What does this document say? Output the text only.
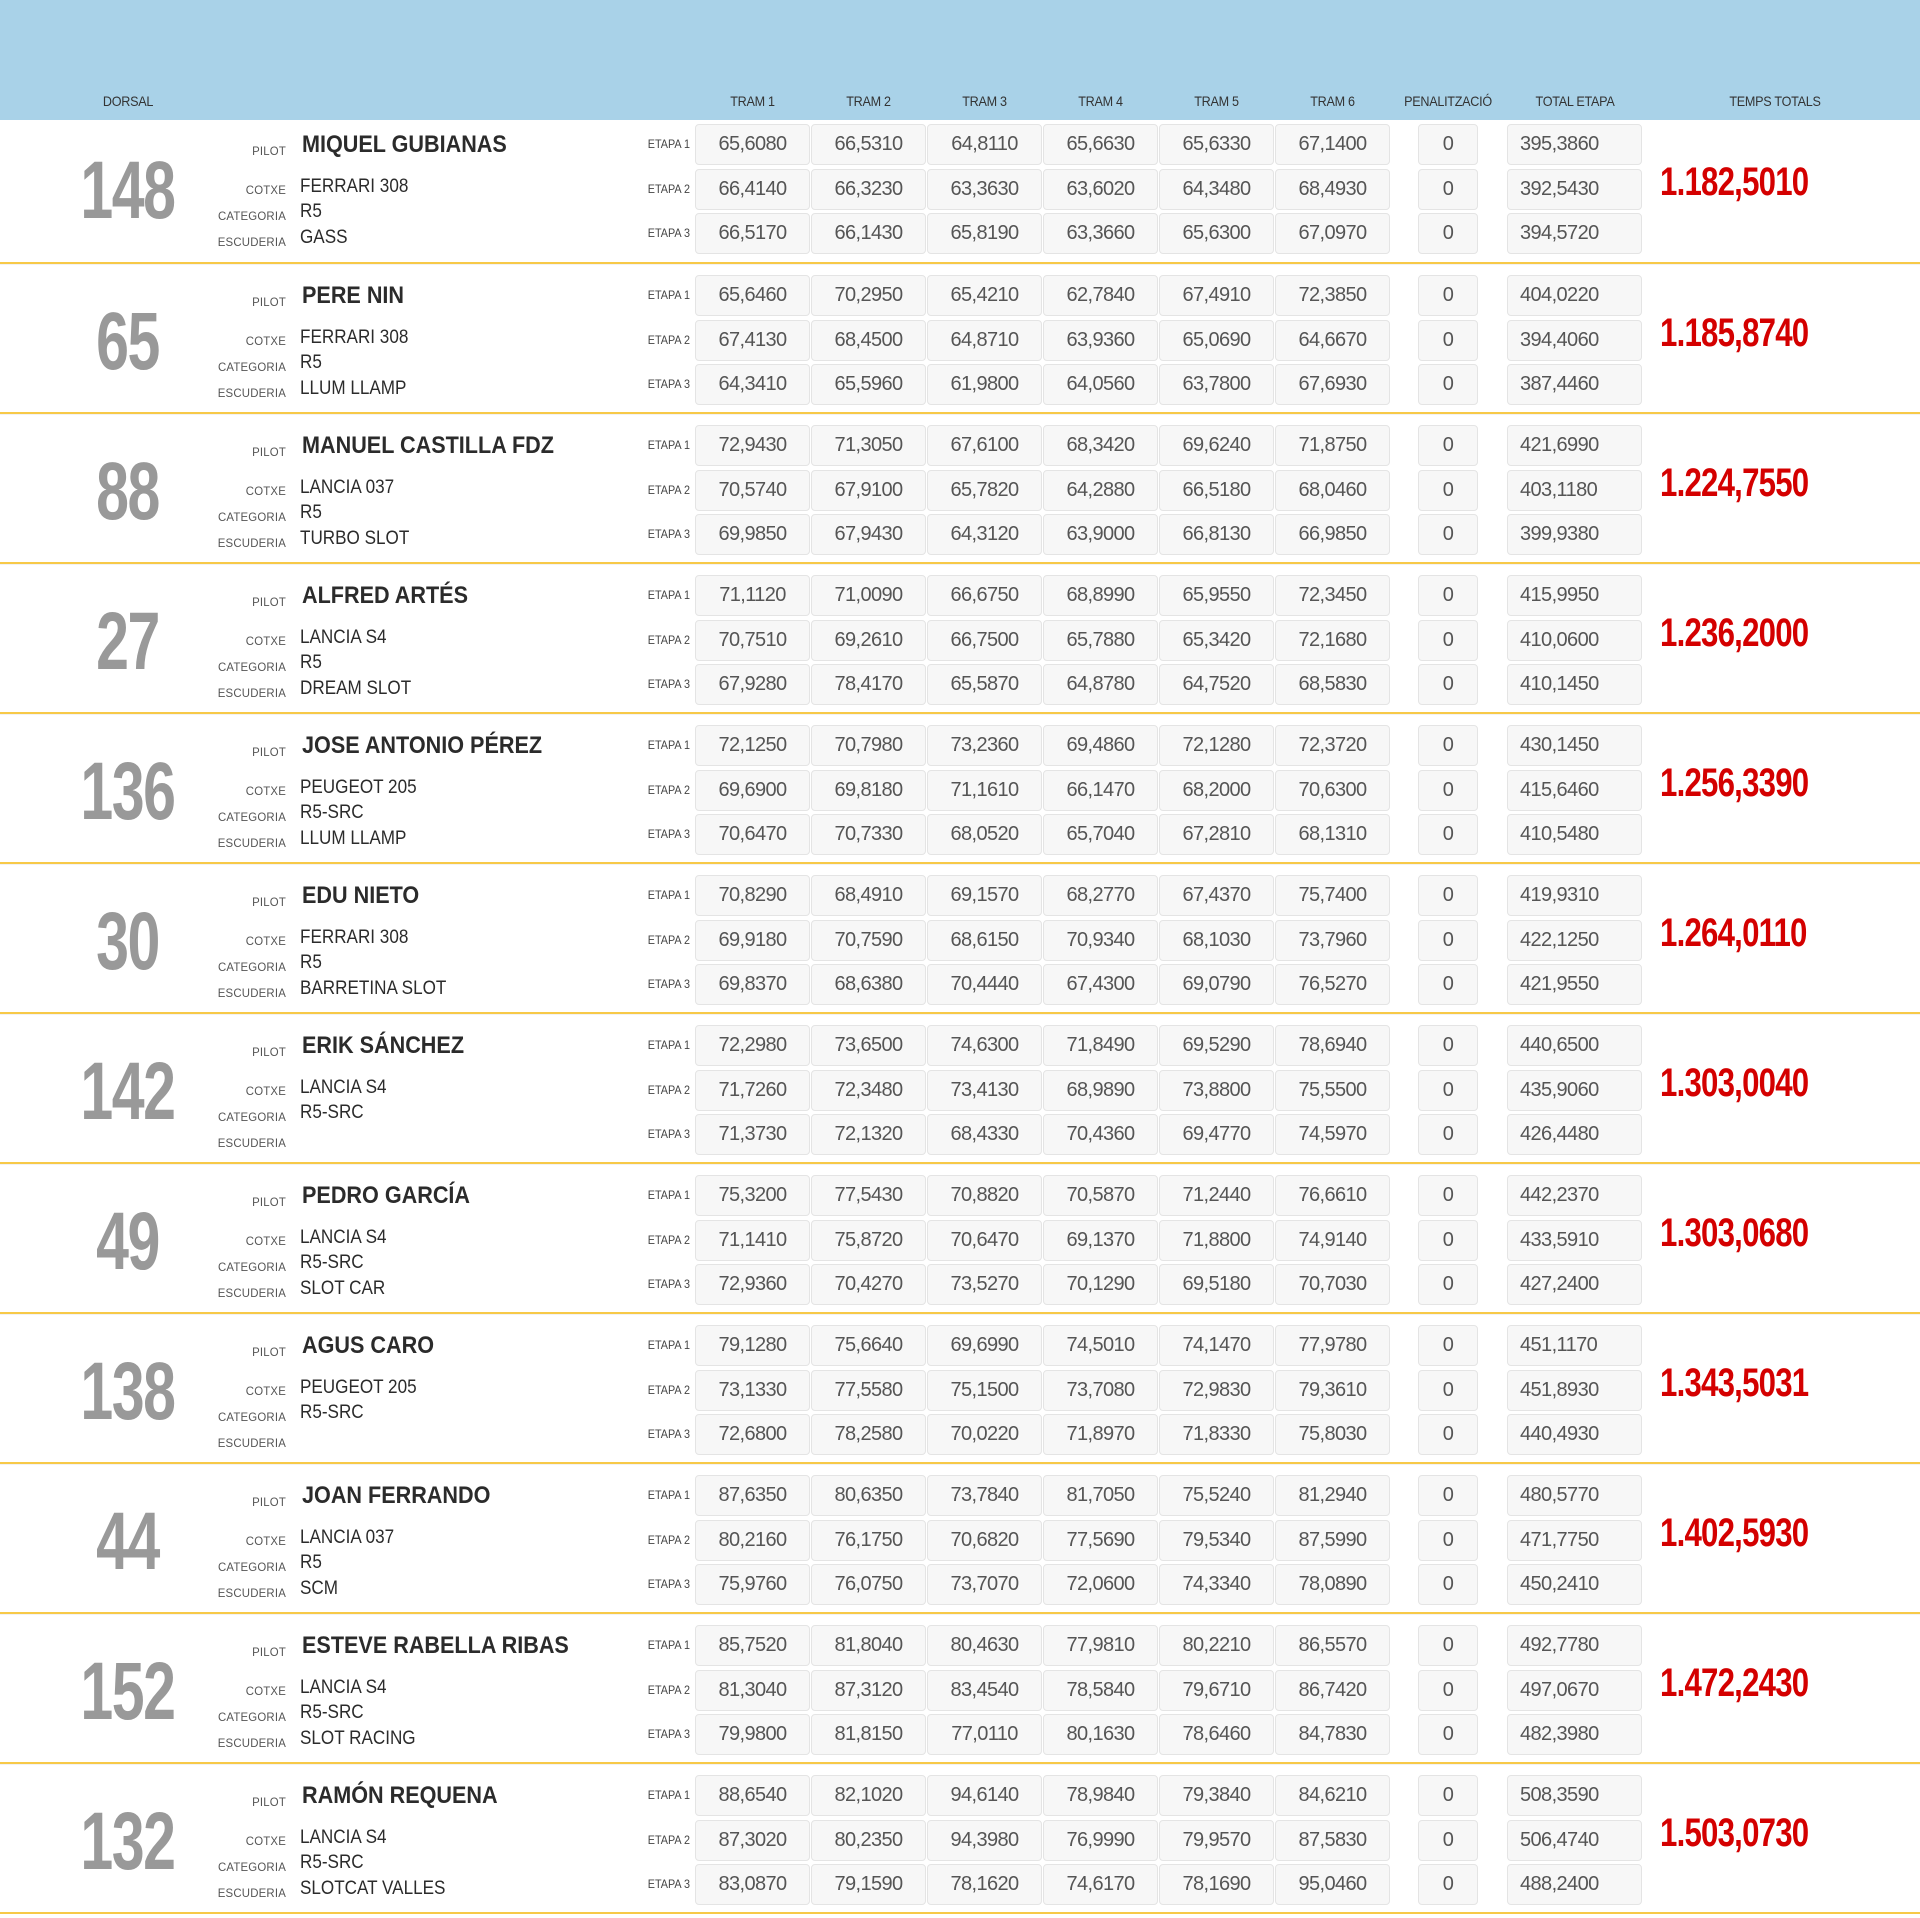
DORSAL	TRAM 1	TRAM 2	TRAM 3	TRAM 4	TRAM 5	TRAM 6	PENALITZACIÓ	TOTAL ETAPA	TEMPS TOTALS
148	PILOT MIQUEL GUBIANAS
COTXE FERRARI 308
CATEGORIA R5
ESCUDERIA GASS
ETAPA 1	65,6080	66,5310	64,8110	65,6630	65,6330	67,1400	0	395,3860
ETAPA 2	66,4140	66,3230	63,3630	63,6020	64,3480	68,4930	0	392,5430
ETAPA 3	66,5170	66,1430	65,8190	63,3660	65,6300	67,0970	0	394,5720
1.182,5010
65	PILOT PERE NIN
COTXE FERRARI 308
CATEGORIA R5
ESCUDERIA LLUM LLAMP
ETAPA 1	65,6460	70,2950	65,4210	62,7840	67,4910	72,3850	0	404,0220
ETAPA 2	67,4130	68,4500	64,8710	63,9360	65,0690	64,6670	0	394,4060
ETAPA 3	64,3410	65,5960	61,9800	64,0560	63,7800	67,6930	0	387,4460
1.185,8740
88	PILOT MANUEL CASTILLA FDZ
COTXE LANCIA 037
CATEGORIA R5
ESCUDERIA TURBO SLOT
ETAPA 1	72,9430	71,3050	67,6100	68,3420	69,6240	71,8750	0	421,6990
ETAPA 2	70,5740	67,9100	65,7820	64,2880	66,5180	68,0460	0	403,1180
ETAPA 3	69,9850	67,9430	64,3120	63,9000	66,8130	66,9850	0	399,9380
1.224,7550
27	PILOT ALFRED ARTÉS
COTXE LANCIA S4
CATEGORIA R5
ESCUDERIA DREAM SLOT
ETAPA 1	71,1120	71,0090	66,6750	68,8990	65,9550	72,3450	0	415,9950
ETAPA 2	70,7510	69,2610	66,7500	65,7880	65,3420	72,1680	0	410,0600
ETAPA 3	67,9280	78,4170	65,5870	64,8780	64,7520	68,5830	0	410,1450
1.236,2000
136	PILOT JOSE ANTONIO PÉREZ
COTXE PEUGEOT 205
CATEGORIA R5-SRC
ESCUDERIA LLUM LLAMP
ETAPA 1	72,1250	70,7980	73,2360	69,4860	72,1280	72,3720	0	430,1450
ETAPA 2	69,6900	69,8180	71,1610	66,1470	68,2000	70,6300	0	415,6460
ETAPA 3	70,6470	70,7330	68,0520	65,7040	67,2810	68,1310	0	410,5480
1.256,3390
30	PILOT EDU NIETO
COTXE FERRARI 308
CATEGORIA R5
ESCUDERIA BARRETINA SLOT
ETAPA 1	70,8290	68,4910	69,1570	68,2770	67,4370	75,7400	0	419,9310
ETAPA 2	69,9180	70,7590	68,6150	70,9340	68,1030	73,7960	0	422,1250
ETAPA 3	69,8370	68,6380	70,4440	67,4300	69,0790	76,5270	0	421,9550
1.264,0110
142	PILOT ERIK SÁNCHEZ
COTXE LANCIA S4
CATEGORIA R5-SRC
ESCUDERIA
ETAPA 1	72,2980	73,6500	74,6300	71,8490	69,5290	78,6940	0	440,6500
ETAPA 2	71,7260	72,3480	73,4130	68,9890	73,8800	75,5500	0	435,9060
ETAPA 3	71,3730	72,1320	68,4330	70,4360	69,4770	74,5970	0	426,4480
1.303,0040
49	PILOT PEDRO GARCÍA
COTXE LANCIA S4
CATEGORIA R5-SRC
ESCUDERIA SLOT CAR
ETAPA 1	75,3200	77,5430	70,8820	70,5870	71,2440	76,6610	0	442,2370
ETAPA 2	71,1410	75,8720	70,6470	69,1370	71,8800	74,9140	0	433,5910
ETAPA 3	72,9360	70,4270	73,5270	70,1290	69,5180	70,7030	0	427,2400
1.303,0680
138	PILOT AGUS CARO
COTXE PEUGEOT 205
CATEGORIA R5-SRC
ESCUDERIA
ETAPA 1	79,1280	75,6640	69,6990	74,5010	74,1470	77,9780	0	451,1170
ETAPA 2	73,1330	77,5580	75,1500	73,7080	72,9830	79,3610	0	451,8930
ETAPA 3	72,6800	78,2580	70,0220	71,8970	71,8330	75,8030	0	440,4930
1.343,5031
44	PILOT JOAN FERRANDO
COTXE LANCIA 037
CATEGORIA R5
ESCUDERIA SCM
ETAPA 1	87,6350	80,6350	73,7840	81,7050	75,5240	81,2940	0	480,5770
ETAPA 2	80,2160	76,1750	70,6820	77,5690	79,5340	87,5990	0	471,7750
ETAPA 3	75,9760	76,0750	73,7070	72,0600	74,3340	78,0890	0	450,2410
1.402,5930
152	PILOT ESTEVE RABELLA RIBAS
COTXE LANCIA S4
CATEGORIA R5-SRC
ESCUDERIA SLOT RACING
ETAPA 1	85,7520	81,8040	80,4630	77,9810	80,2210	86,5570	0	492,7780
ETAPA 2	81,3040	87,3120	83,4540	78,5840	79,6710	86,7420	0	497,0670
ETAPA 3	79,9800	81,8150	77,0110	80,1630	78,6460	84,7830	0	482,3980
1.472,2430
132	PILOT RAMÓN REQUENA
COTXE LANCIA S4
CATEGORIA R5-SRC
ESCUDERIA SLOTCAT VALLES
ETAPA 1	88,6540	82,1020	94,6140	78,9840	79,3840	84,6210	0	508,3590
ETAPA 2	87,3020	80,2350	94,3980	76,9990	79,9570	87,5830	0	506,4740
ETAPA 3	83,0870	79,1590	78,1620	74,6170	78,1690	95,0460	0	488,2400
1.503,0730
